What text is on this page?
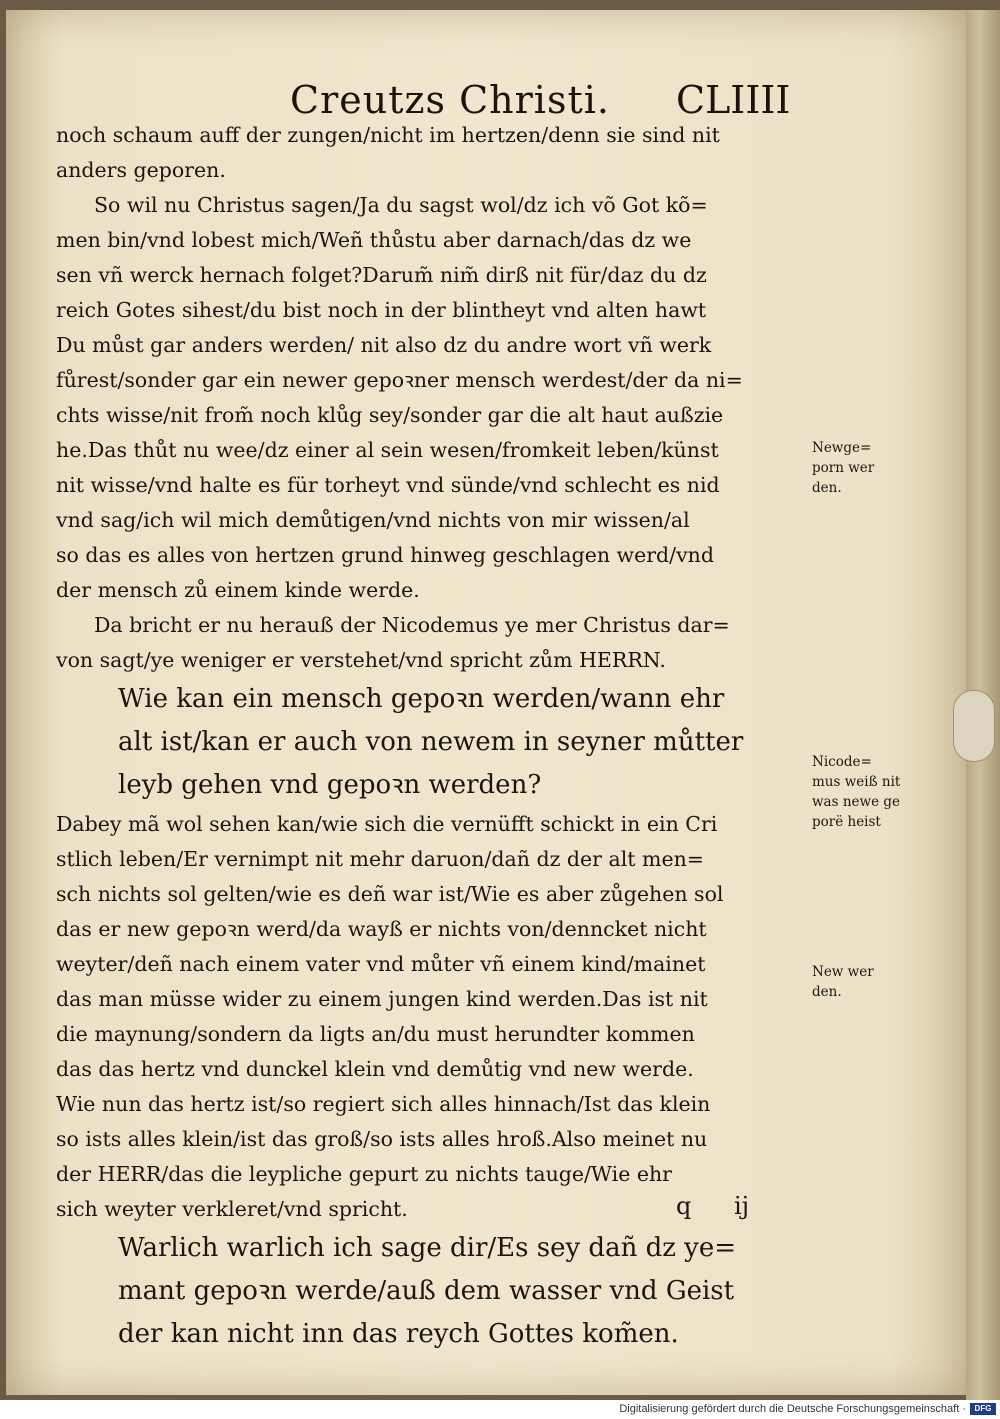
Creutzs Christi. CLIIII
noch schaum auff der zungen/nicht im hertzen/denn sie sind nit
anders geporen.
So wil nu Christus sagen/Ja du sagst wol/dz ich võ Got kõ=
men bin/vnd lobest mich/Weñ thůstu aber darnach/das dz we
sen vñ werck hernach folget?Darum̃ nim̃ dirß nit für/daz du dz
reich Gotes sihest/du bist noch in der blintheyt vnd alten hawt
Du můst gar anders werden/ nit also dz du andre wort vñ werk
fůrest/sonder gar ein newer gepoꝛner mensch werdest/der da ni=
chts wisse/nit from̃ noch klůg sey/sonder gar die alt haut außzie
he.Das thůt nu wee/dz einer al sein wesen/fromkeit leben/künst
nit wisse/vnd halte es für torheyt vnd sünde/vnd schlecht es nid
vnd sag/ich wil mich demůtigen/vnd nichts von mir wissen/al
so das es alles von hertzen grund hinweg geschlagen werd/vnd
der mensch zů einem kinde werde.
Da bricht er nu herauß der Nicodemus ye mer Christus dar=
von sagt/ye weniger er verstehet/vnd spricht zům HERRN.
Wie kan ein mensch gepoꝛn werden/wann ehr
alt ist/kan er auch von newem in seyner můtter
leyb gehen vnd gepoꝛn werden?
Dabey mã wol sehen kan/wie sich die vernüfft schickt in ein Cri
stlich leben/Er vernimpt nit mehr daruon/dañ dz der alt men=
sch nichts sol gelten/wie es deñ war ist/Wie es aber zůgehen sol
das er new gepoꝛn werd/da wayß er nichts von/denncket nicht
weyter/deñ nach einem vater vnd můter vñ einem kind/mainet
das man müsse wider zu einem jungen kind werden.Das ist nit
die maynung/sondern da ligts an/du must herundter kommen
das das hertz vnd dunckel klein vnd demůtig vnd new werde.
Wie nun das hertz ist/so regiert sich alles hinnach/Ist das klein
so ists alles klein/ist das groß/so ists alles hroß.Also meinet nu
der HERR/das die leypliche gepurt zu nichts tauge/Wie ehr
sich weyter verkleret/vnd spricht.
Warlich warlich ich sage dir/Es sey dañ dz ye=
mant gepoꝛn werde/auß dem wasser vnd Geist
der kan nicht inn das reych Gottes kom̃en.
Newge= porn wer den.
Nicode= mus weiß nit was newe ge porë heist
New wer den.
q ij
Digitalisierung gefördert durch die Deutsche Forschungsgemeinschaft ·	DFG
